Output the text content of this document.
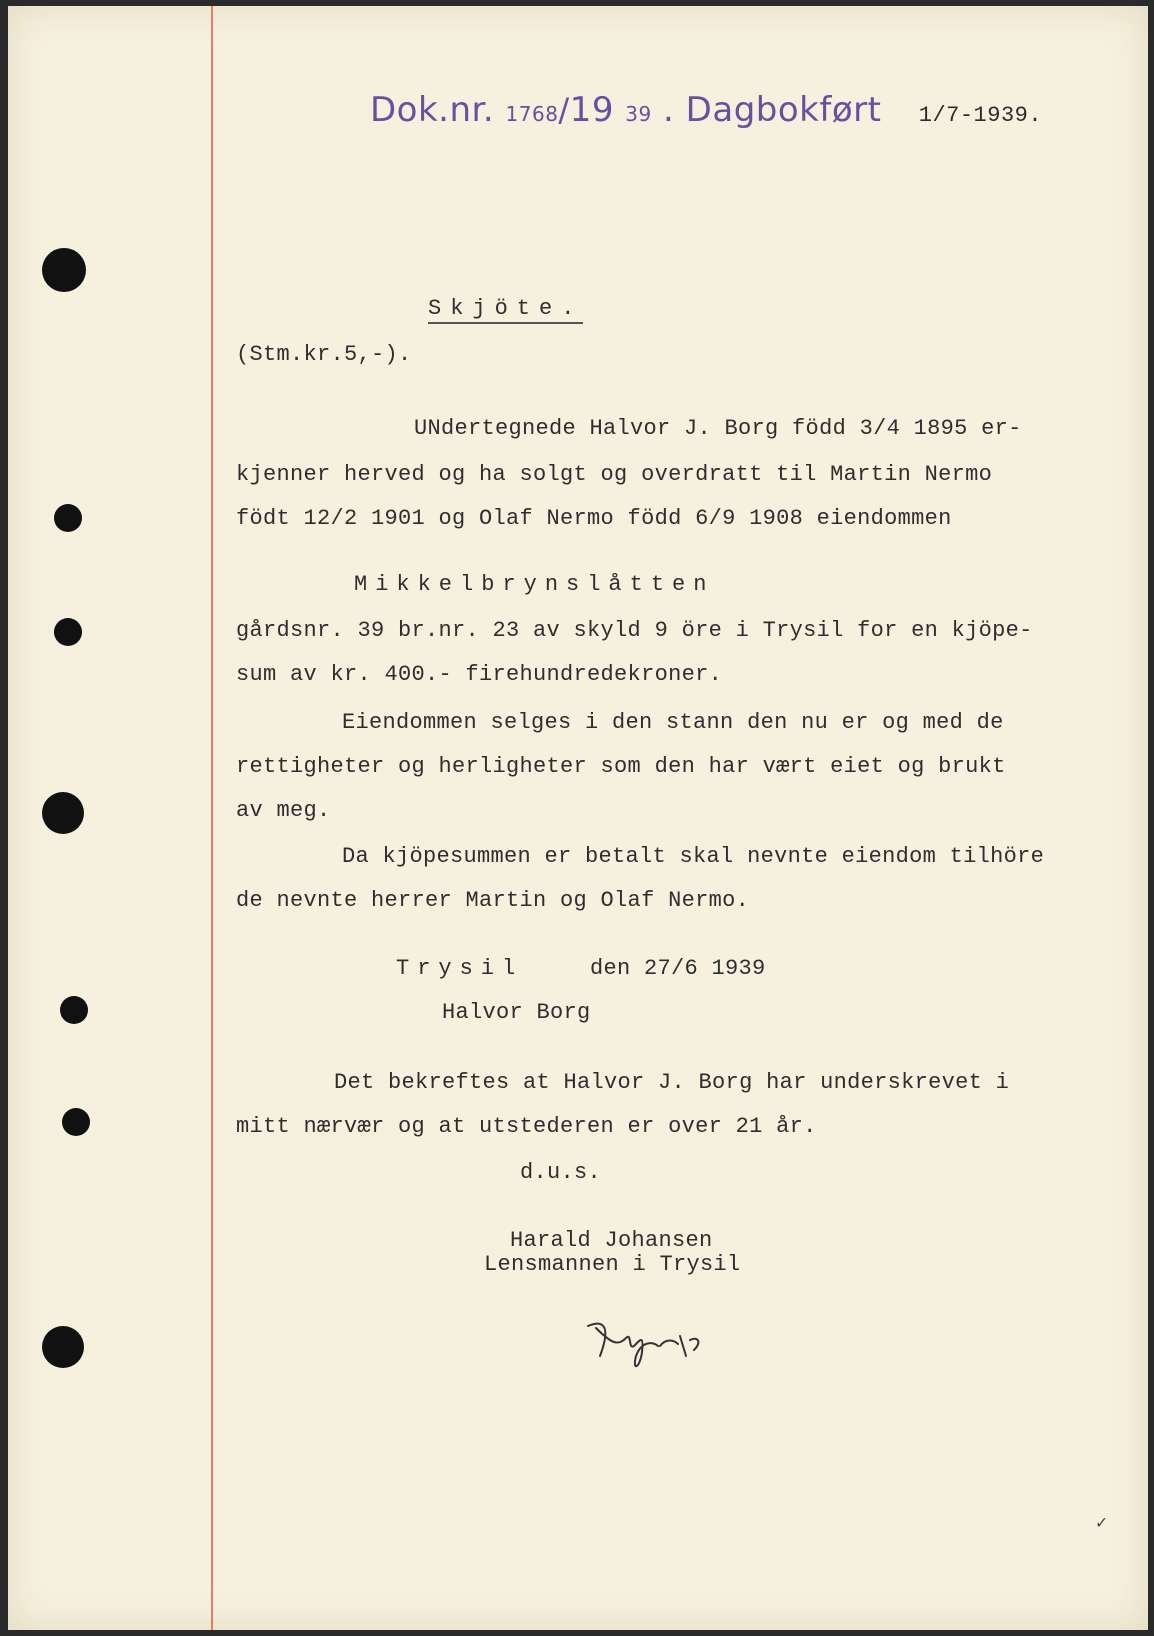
Dok.nr. 1768/19 39 . Dagbokført 1/7-1939.
Skjöte.
(Stm.kr.5,-).
UNdertegnede Halvor J. Borg född 3/4 1895 er-
kjenner herved og ha solgt og overdratt til Martin Nermo
födt 12/2 1901 og Olaf Nermo född 6/9 1908 eiendommen
Mikkelbrynslåtten
gårdsnr. 39 br.nr. 23 av skyld 9 öre i Trysil for en kjöpe-
sum av kr. 400.- firehundredekroner.
Eiendommen selges i den stann den nu er og med de
rettigheter og herligheter som den har vært eiet og brukt
av meg.
Da kjöpesummen er betalt skal nevnte eiendom tilhöre
de nevnte herrer Martin og Olaf Nermo.
Trysil	den 27/6 1939
Halvor Borg
Det bekreftes at Halvor J. Borg har underskrevet i
mitt nærvær og at utstederen er over 21 år.
d.u.s.
Harald Johansen
Lensmannen i Trysil
✓
